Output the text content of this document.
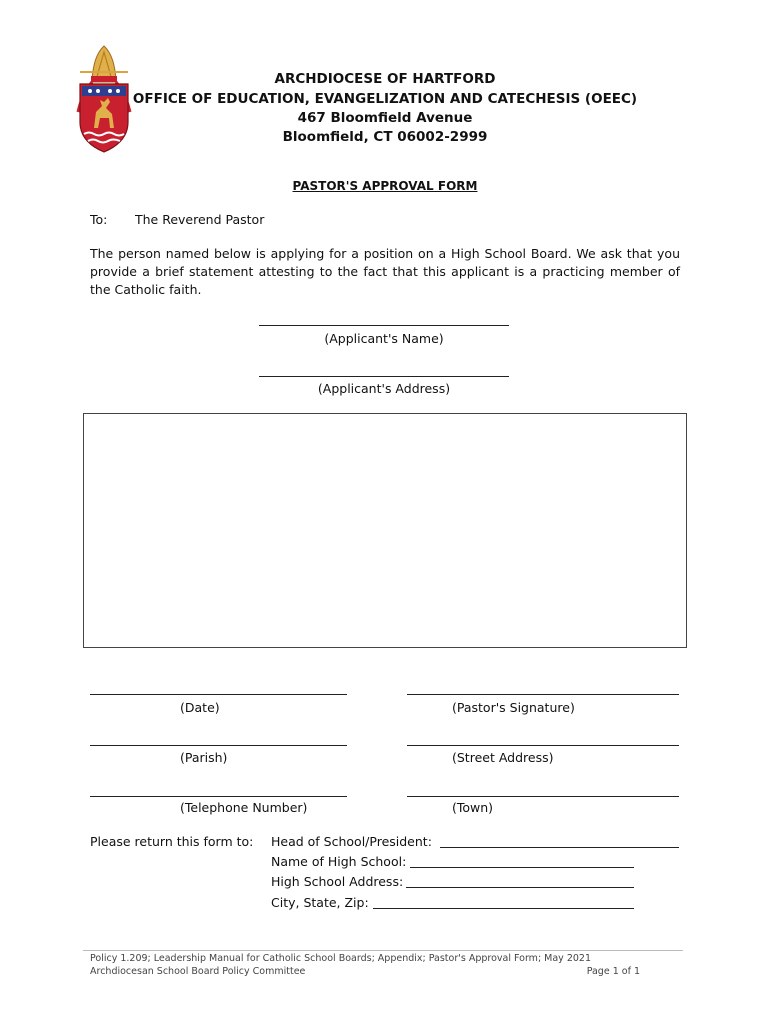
ARCHDIOCESE OF HARTFORD
OFFICE OF EDUCATION, EVANGELIZATION AND CATECHESIS (OEEC)
467 Bloomfield Avenue
Bloomfield, CT 06002-2999
PASTOR'S APPROVAL FORM
To: The Reverend Pastor
The person named below is applying for a position on a High School Board. We ask that you provide a brief statement attesting to the fact that this applicant is a practicing member of the Catholic faith.
(Applicant's Name)
(Applicant's Address)
(Date)	(Pastor's Signature)
(Parish)	(Street Address)
(Telephone Number)	(Town)
Please return this form to: Head of School/President:
Name of High School:
High School Address:
City, State, Zip:
Policy 1.209; Leadership Manual for Catholic School Boards; Appendix; Pastor's Approval Form; May 2021
Archdiocesan School Board Policy Committee	Page 1 of 1
